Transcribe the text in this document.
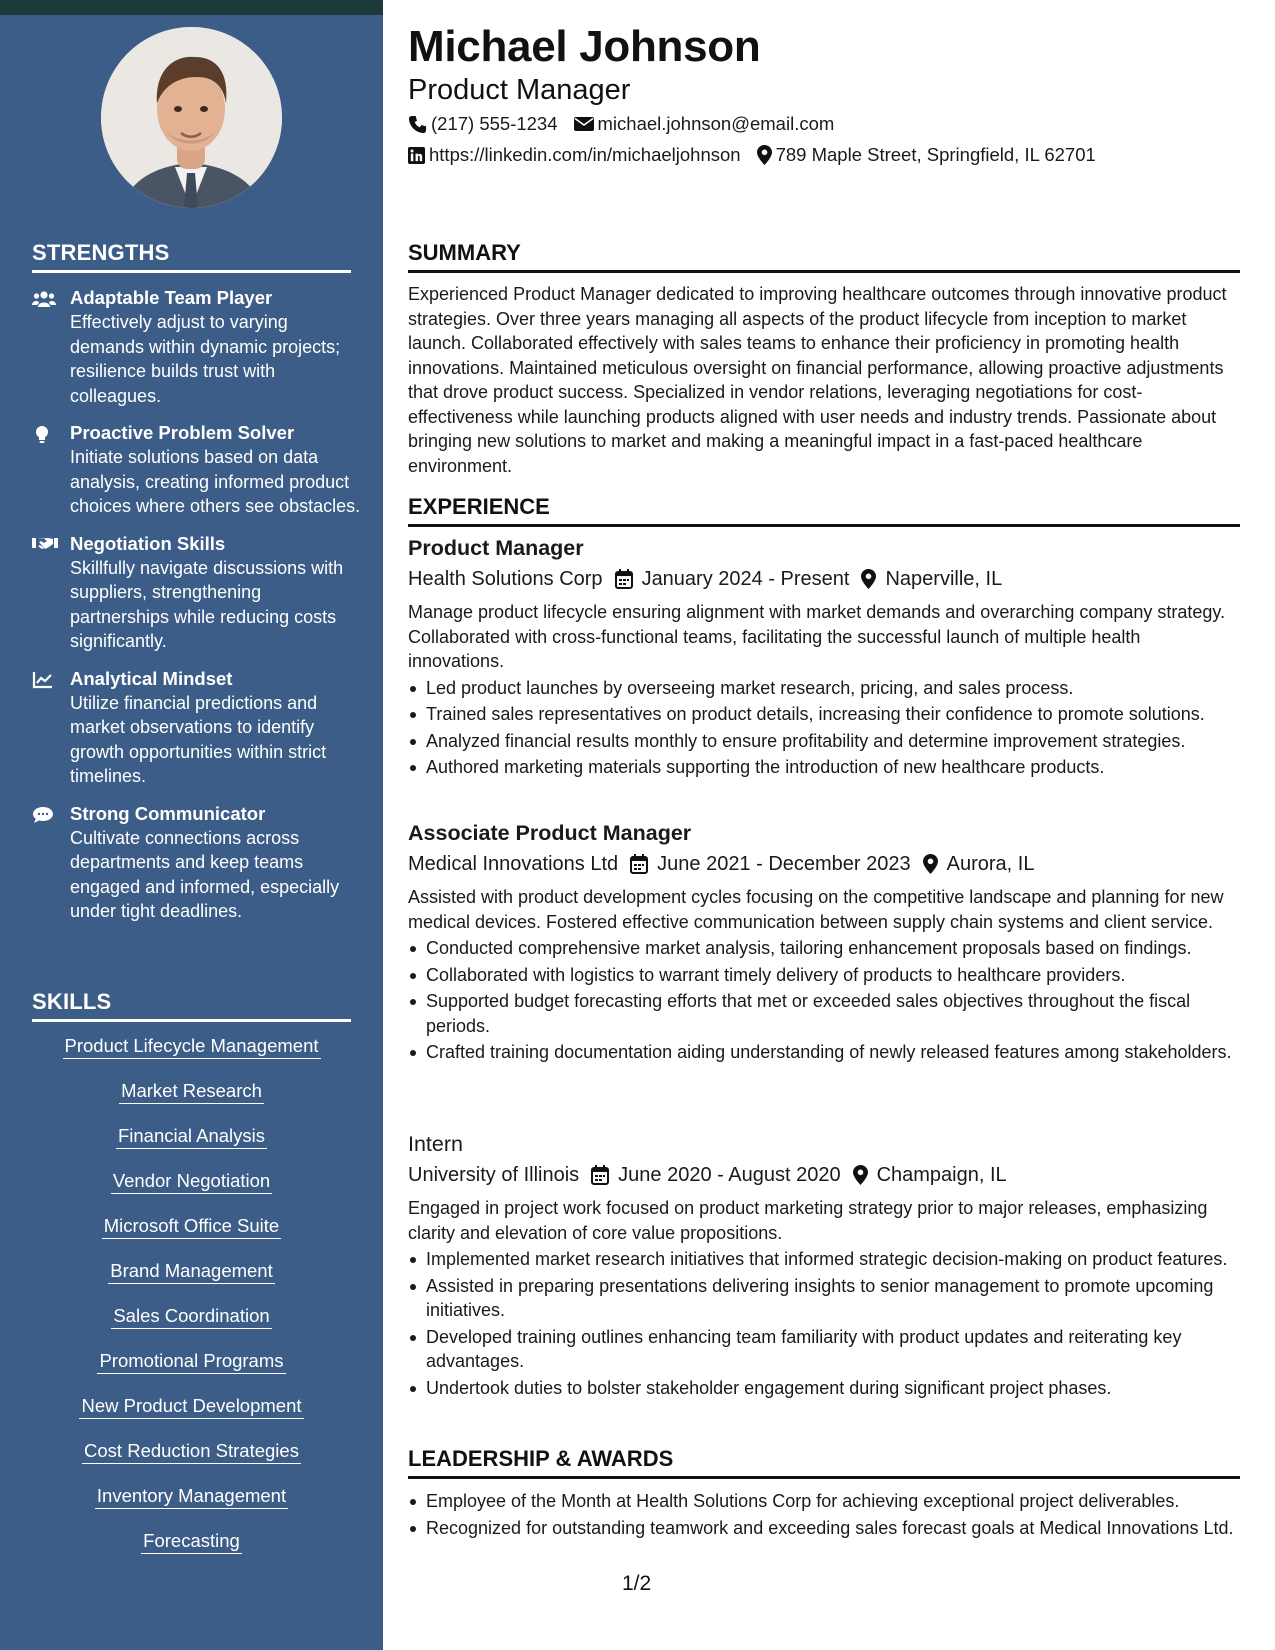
STRENGTHS
Adaptable Team Player
Effectively adjust to varying demands within dynamic projects; resilience builds trust with colleagues.
Proactive Problem Solver
Initiate solutions based on data analysis, creating informed product choices where others see obstacles.
Negotiation Skills
Skillfully navigate discussions with suppliers, strengthening partnerships while reducing costs significantly.
Analytical Mindset
Utilize financial predictions and market observations to identify growth opportunities within strict timelines.
Strong Communicator
Cultivate connections across departments and keep teams engaged and informed, especially under tight deadlines.
SKILLS
Product Lifecycle Management
Market Research
Financial Analysis
Vendor Negotiation
Microsoft Office Suite
Brand Management
Sales Coordination
Promotional Programs
New Product Development
Cost Reduction Strategies
Inventory Management
Forecasting
Michael Johnson
Product Manager
(217) 555-1234 michael.johnson@email.com
https://linkedin.com/in/michaeljohnson 789 Maple Street, Springfield, IL 62701
SUMMARY
Experienced Product Manager dedicated to improving healthcare outcomes through innovative product strategies. Over three years managing all aspects of the product lifecycle from inception to market launch. Collaborated effectively with sales teams to enhance their proficiency in promoting health innovations. Maintained meticulous oversight on financial performance, allowing proactive adjustments that drove product success. Specialized in vendor relations, leveraging negotiations for cost-effectiveness while launching products aligned with user needs and industry trends. Passionate about bringing new solutions to market and making a meaningful impact in a fast-paced healthcare environment.
EXPERIENCE
Product Manager
Health Solutions Corp January 2024 - Present Naperville, IL
Manage product lifecycle ensuring alignment with market demands and overarching company strategy. Collaborated with cross-functional teams, facilitating the successful launch of multiple health innovations.
Led product launches by overseeing market research, pricing, and sales process.
Trained sales representatives on product details, increasing their confidence to promote solutions.
Analyzed financial results monthly to ensure profitability and determine improvement strategies.
Authored marketing materials supporting the introduction of new healthcare products.
Associate Product Manager
Medical Innovations Ltd June 2021 - December 2023 Aurora, IL
Assisted with product development cycles focusing on the competitive landscape and planning for new medical devices. Fostered effective communication between supply chain systems and client service.
Conducted comprehensive market analysis, tailoring enhancement proposals based on findings.
Collaborated with logistics to warrant timely delivery of products to healthcare providers.
Supported budget forecasting efforts that met or exceeded sales objectives throughout the fiscal periods.
Crafted training documentation aiding understanding of newly released features among stakeholders.
Intern
University of Illinois June 2020 - August 2020 Champaign, IL
Engaged in project work focused on product marketing strategy prior to major releases, emphasizing clarity and elevation of core value propositions.
Implemented market research initiatives that informed strategic decision-making on product features.
Assisted in preparing presentations delivering insights to senior management to promote upcoming initiatives.
Developed training outlines enhancing team familiarity with product updates and reiterating key advantages.
Undertook duties to bolster stakeholder engagement during significant project phases.
LEADERSHIP & AWARDS
Employee of the Month at Health Solutions Corp for achieving exceptional project deliverables.
Recognized for outstanding teamwork and exceeding sales forecast goals at Medical Innovations Ltd.
1/2
